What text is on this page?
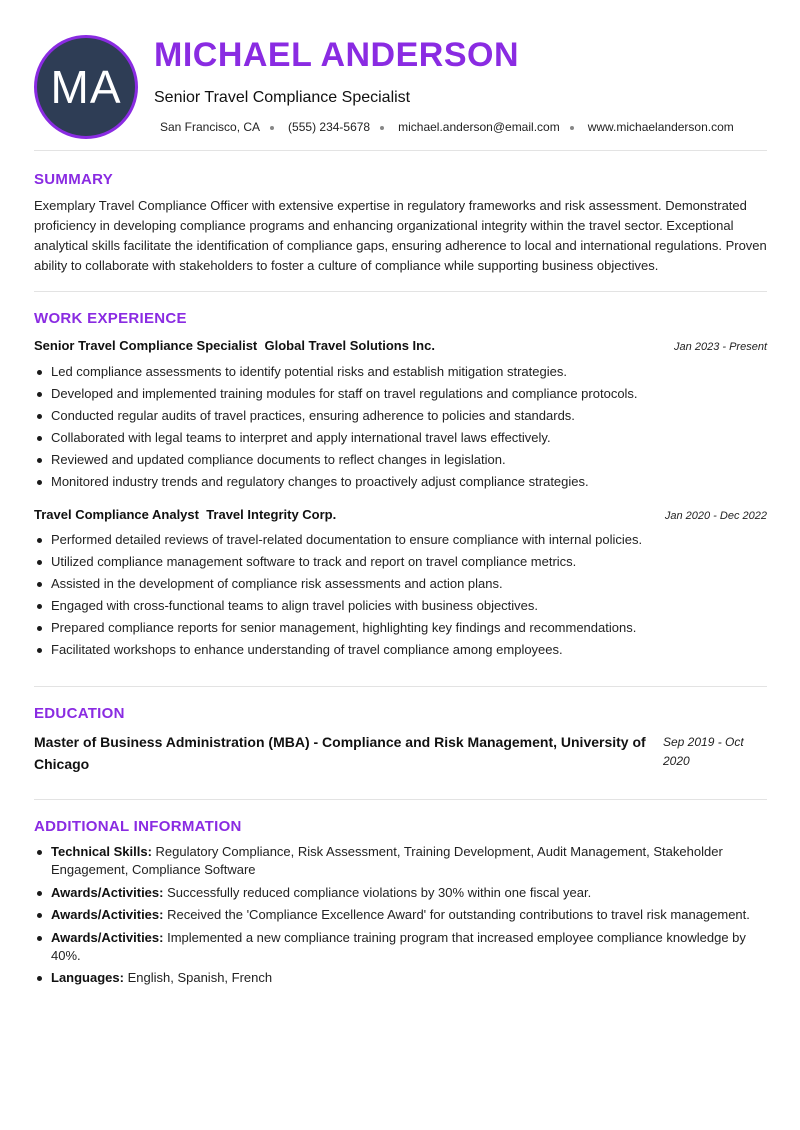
MA
MICHAEL ANDERSON
Senior Travel Compliance Specialist
San Francisco, CA (555) 234-5678 michael.anderson@email.com www.michaelanderson.com
SUMMARY
Exemplary Travel Compliance Officer with extensive expertise in regulatory frameworks and risk assessment. Demonstrated proficiency in developing compliance programs and enhancing organizational integrity within the travel sector. Exceptional analytical skills facilitate the identification of compliance gaps, ensuring adherence to local and international regulations. Proven ability to collaborate with stakeholders to foster a culture of compliance while supporting business objectives.
WORK EXPERIENCE
Senior Travel Compliance Specialist  Global Travel Solutions Inc.	Jan 2023 - Present
Led compliance assessments to identify potential risks and establish mitigation strategies.
Developed and implemented training modules for staff on travel regulations and compliance protocols.
Conducted regular audits of travel practices, ensuring adherence to policies and standards.
Collaborated with legal teams to interpret and apply international travel laws effectively.
Reviewed and updated compliance documents to reflect changes in legislation.
Monitored industry trends and regulatory changes to proactively adjust compliance strategies.
Travel Compliance Analyst  Travel Integrity Corp.	Jan 2020 - Dec 2022
Performed detailed reviews of travel-related documentation to ensure compliance with internal policies.
Utilized compliance management software to track and report on travel compliance metrics.
Assisted in the development of compliance risk assessments and action plans.
Engaged with cross-functional teams to align travel policies with business objectives.
Prepared compliance reports for senior management, highlighting key findings and recommendations.
Facilitated workshops to enhance understanding of travel compliance among employees.
EDUCATION
Master of Business Administration (MBA) - Compliance and Risk Management, University of Chicago
Sep 2019 - Oct 2020
ADDITIONAL INFORMATION
Technical Skills: Regulatory Compliance, Risk Assessment, Training Development, Audit Management, Stakeholder Engagement, Compliance Software
Awards/Activities: Successfully reduced compliance violations by 30% within one fiscal year.
Awards/Activities: Received the 'Compliance Excellence Award' for outstanding contributions to travel risk management.
Awards/Activities: Implemented a new compliance training program that increased employee compliance knowledge by 40%.
Languages: English, Spanish, French
